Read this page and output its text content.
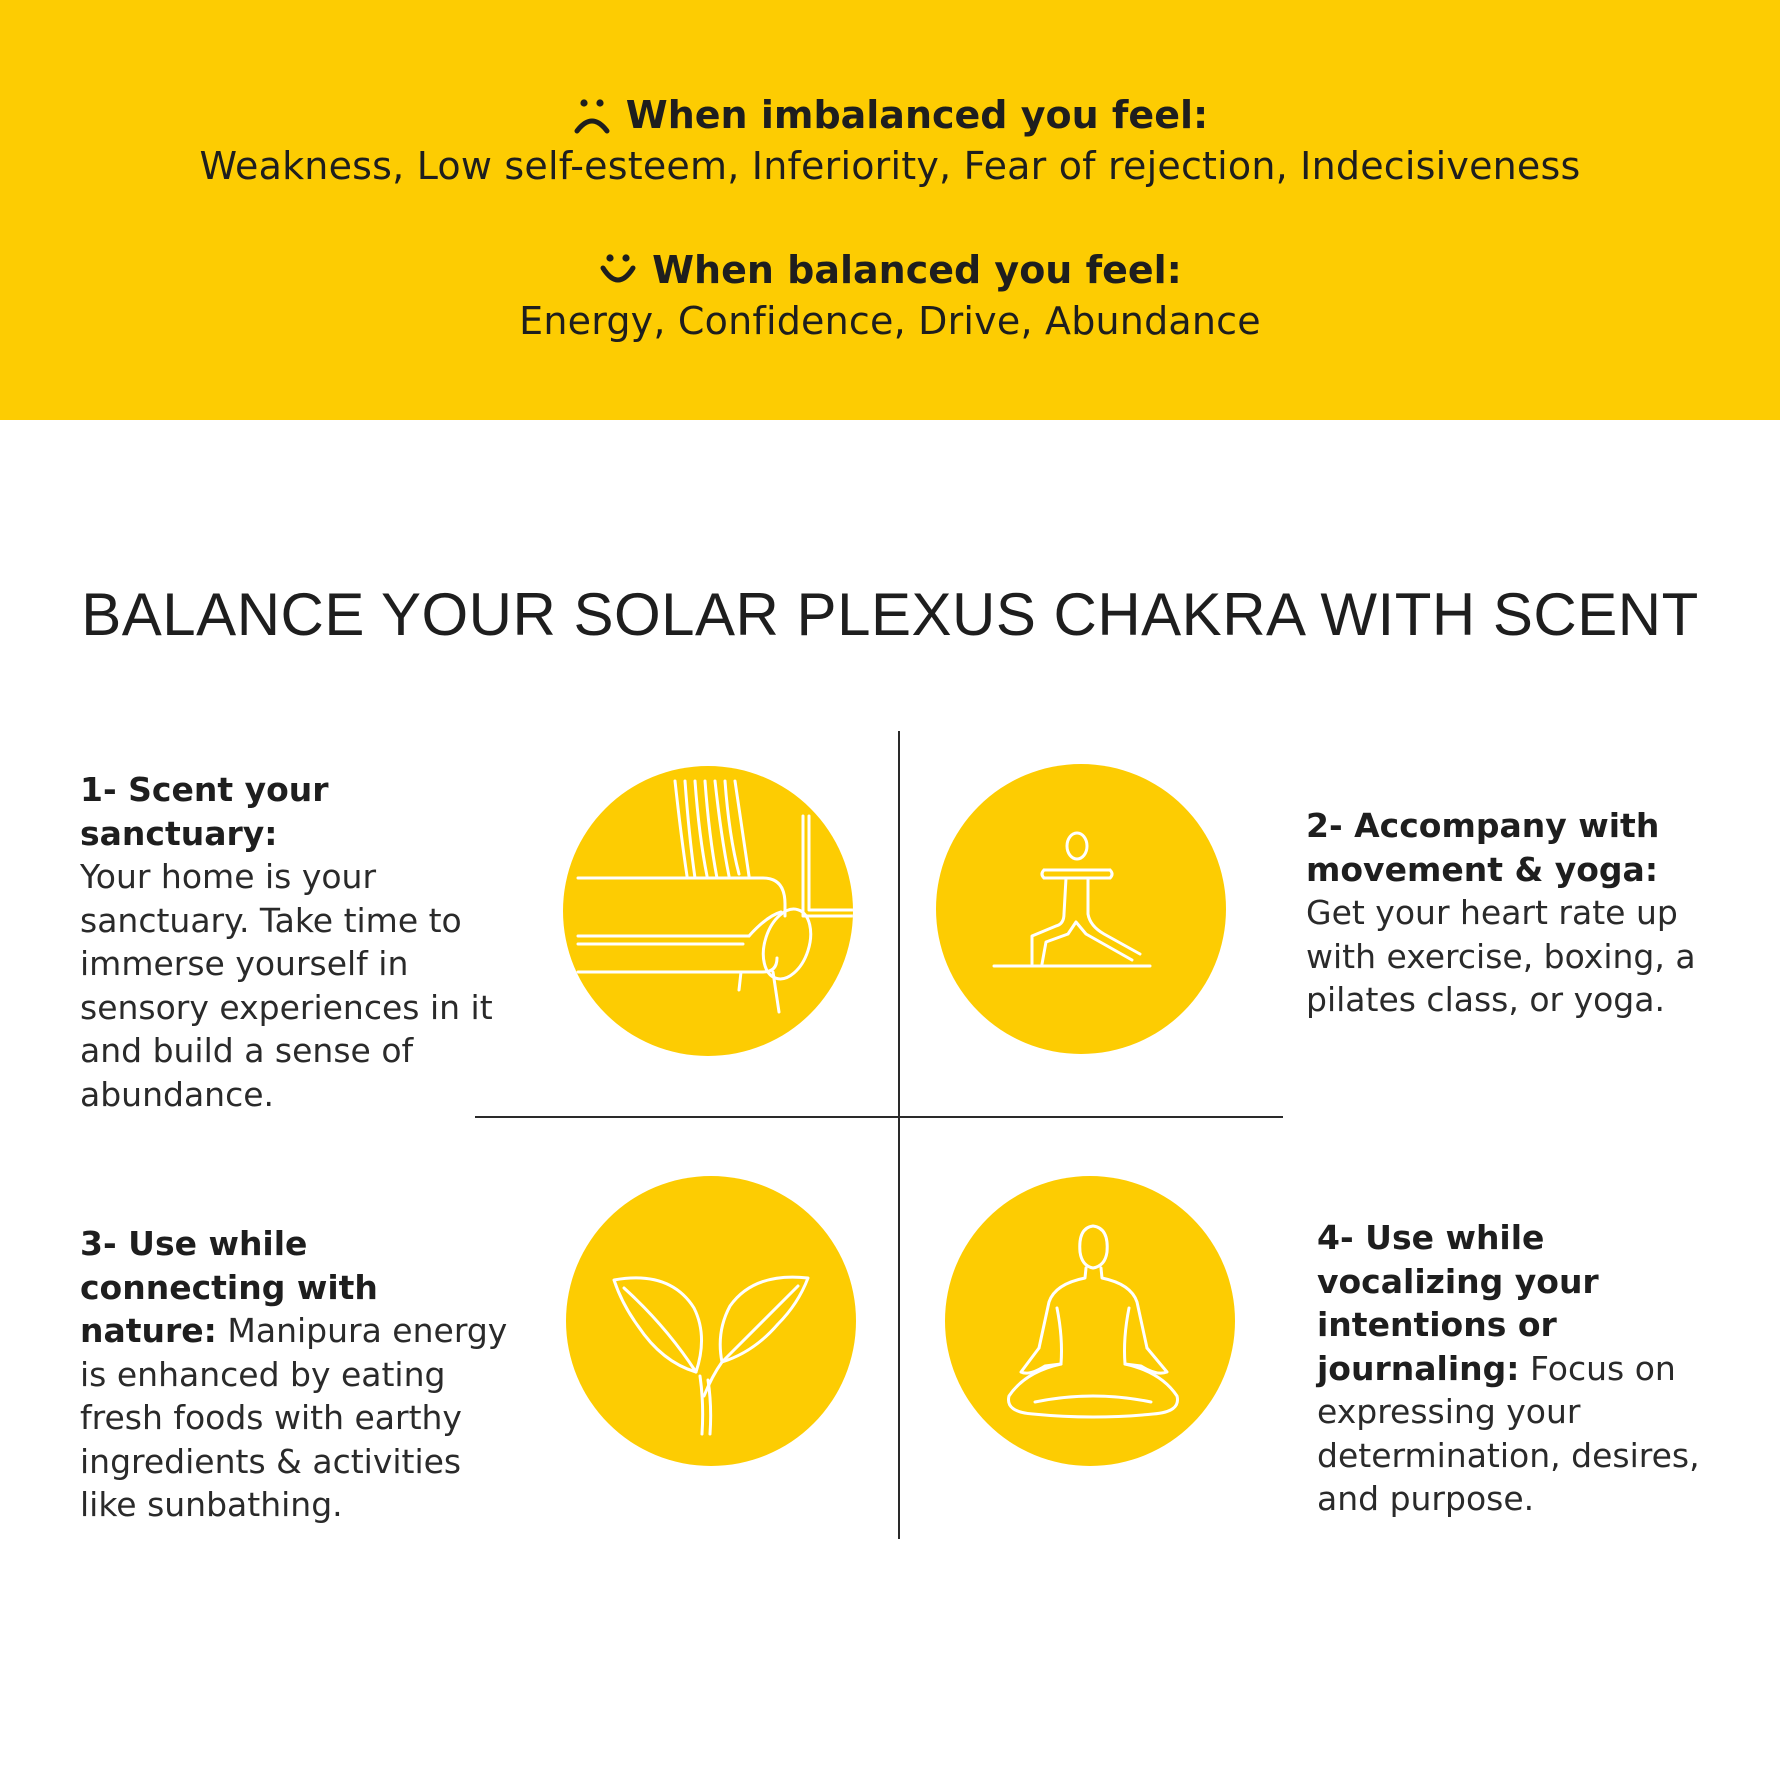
When imbalanced you feel:
Weakness, Low self-esteem, Inferiority, Fear of rejection, Indecisiveness
When balanced you feel:
Energy, Confidence, Drive, Abundance
BALANCE YOUR SOLAR PLEXUS CHAKRA WITH SCENT
1- Scent your sanctuary:
Your home is your sanctuary. Take time to immerse yourself in sensory experiences in it and build a sense of abundance.
2- Accompany with movement & yoga:
Get your heart rate up with exercise, boxing, a pilates class, or yoga.
3- Use while connecting with nature: Manipura energy is enhanced by eating fresh foods with earthy ingredients & activities like sunbathing.
4- Use while vocalizing your intentions or journaling: Focus on expressing your determination, desires, and purpose.
